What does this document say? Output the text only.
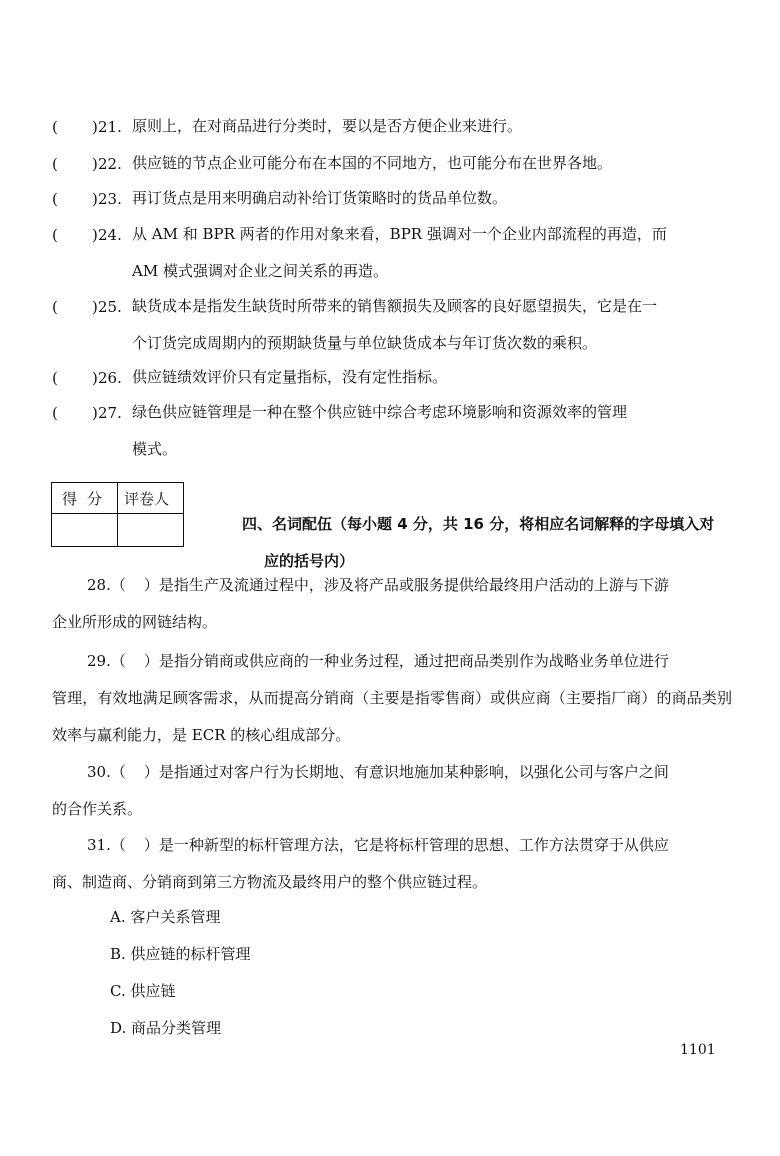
( ) 21. 原则上，在对商品进行分类时，要以是否方便企业来进行。
( ) 22. 供应链的节点企业可能分布在本国的不同地方，也可能分布在世界各地。
( ) 23. 再订货点是用来明确启动补给订货策略时的货品单位数。
( ) 24. 从 AM 和 BPR 两者的作用对象来看，BPR 强调对一个企业内部流程的再造，而
AM 模式强调对企业之间关系的再造。
( ) 25. 缺货成本是指发生缺货时所带来的销售额损失及顾客的良好愿望损失，它是在一
个订货完成周期内的预期缺货量与单位缺货成本与年订货次数的乘积。
( ) 26. 供应链绩效评价只有定量指标，没有定性指标。
( ) 27. 绿色供应链管理是一种在整个供应链中综合考虑环境影响和资源效率的管理
模式。
得分 评卷人
四、名词配伍（每小题 4 分，共 16 分，将相应名词解释的字母填入对
应的括号内）
28.（ ）是指生产及流通过程中，涉及将产品或服务提供给最终用户活动的上游与下游
企业所形成的网链结构。
29.（ ）是指分销商或供应商的一种业务过程，通过把商品类别作为战略业务单位进行
管理，有效地满足顾客需求，从而提高分销商（主要是指零售商）或供应商（主要指厂商）的商品类别效率与赢利能力，是 ECR 的核心组成部分。
30.（ ）是指通过对客户行为长期地、有意识地施加某种影响，以强化公司与客户之间
的合作关系。
31.（ ）是一种新型的标杆管理方法，它是将标杆管理的思想、工作方法贯穿于从供应
商、制造商、分销商到第三方物流及最终用户的整个供应链过程。
A. 客户关系管理
B. 供应链的标杆管理
C. 供应链
D. 商品分类管理
1101
